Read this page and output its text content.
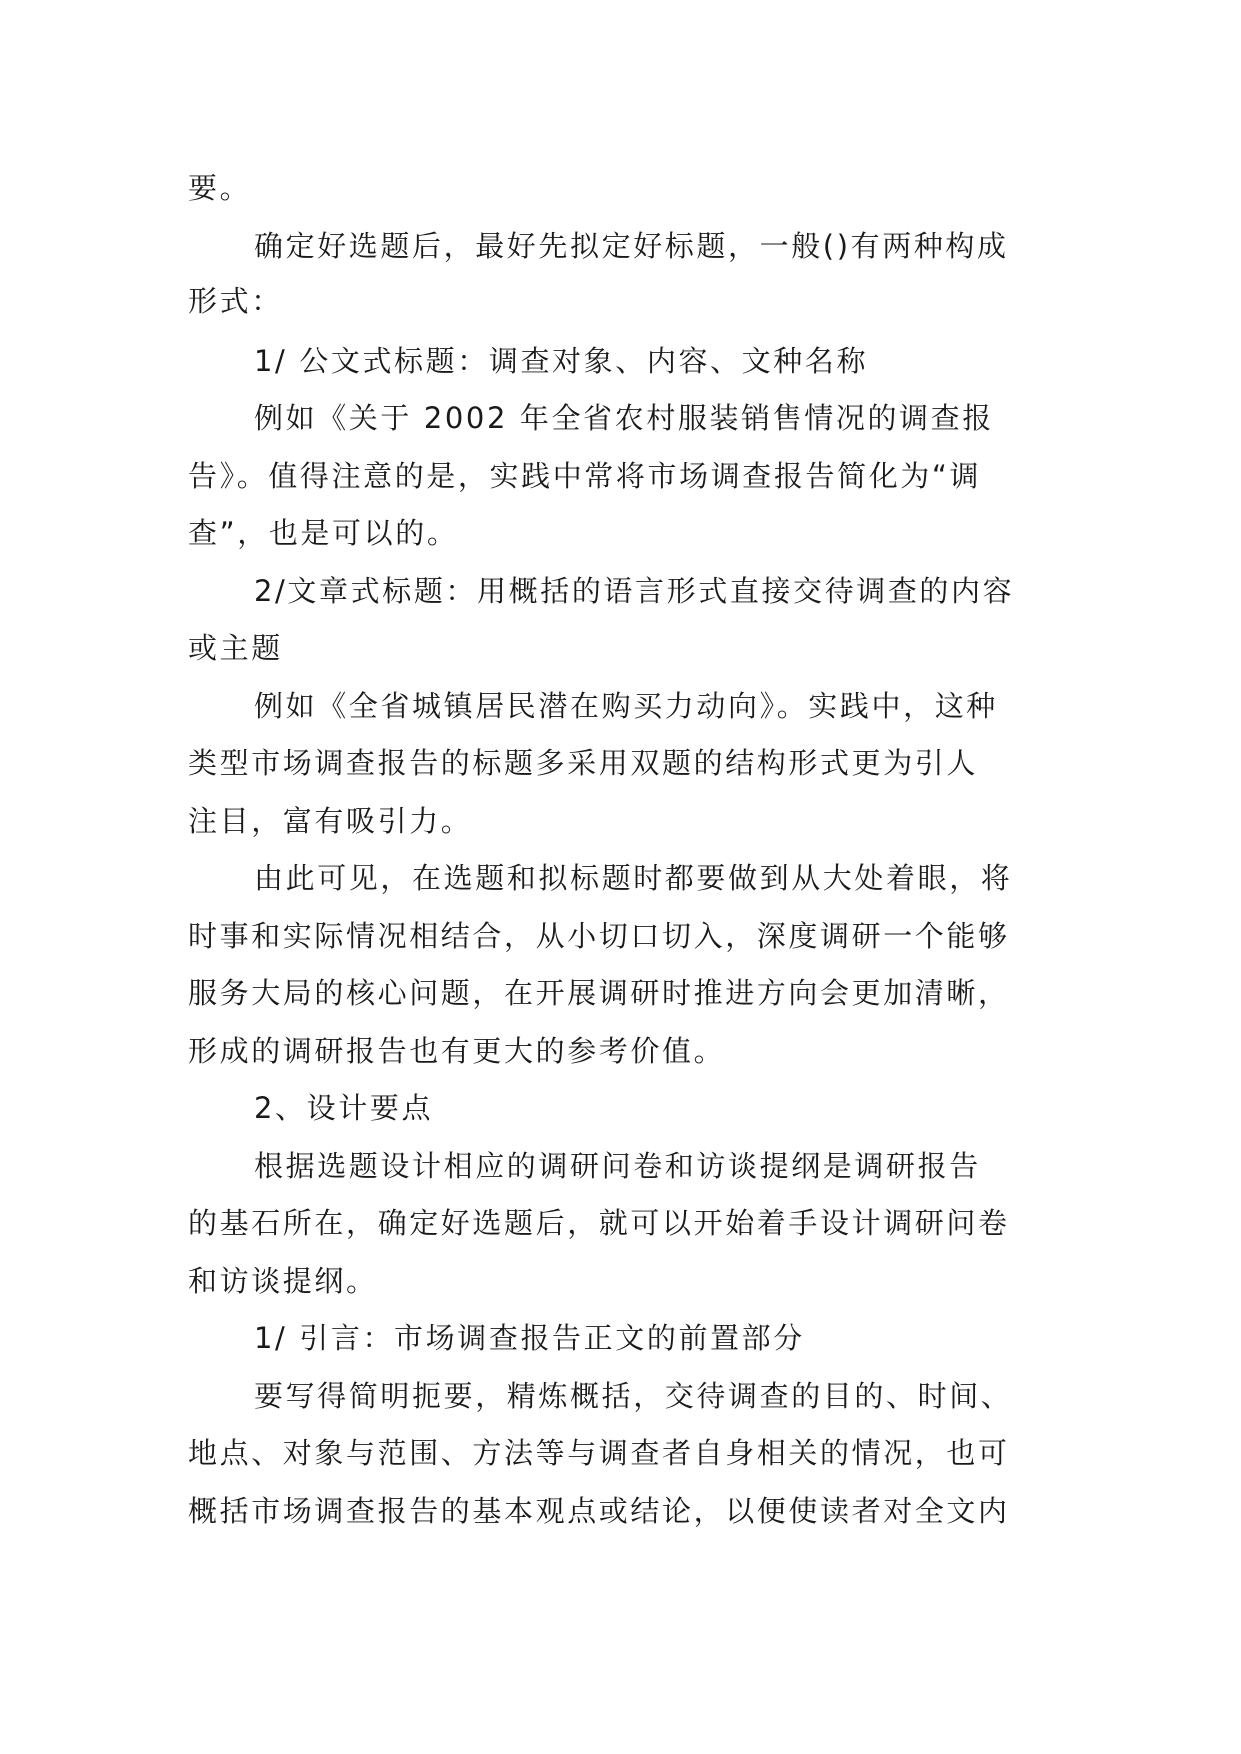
要。

确定好选题后，最好先拟定好标题，一般()有两种构成

形式：

1/ 公文式标题：调查对象、内容、文种名称

例如《关于 2002 年全省农村服装销售情况的调查报

告》。值得注意的是，实践中常将市场调查报告简化为“调

查”，也是可以的。

2/文章式标题：用概括的语言形式直接交待调查的内容

或主题

例如《全省城镇居民潜在购买力动向》。实践中，这种

类型市场调查报告的标题多采用双题的结构形式更为引人

注目，富有吸引力。

由此可见，在选题和拟标题时都要做到从大处着眼，将

时事和实际情况相结合，从小切口切入，深度调研一个能够

服务大局的核心问题，在开展调研时推进方向会更加清晰，

形成的调研报告也有更大的参考价值。

2、设计要点

根据选题设计相应的调研问卷和访谈提纲是调研报告

的基石所在，确定好选题后，就可以开始着手设计调研问卷

和访谈提纲。

1/ 引言：市场调查报告正文的前置部分

要写得简明扼要，精炼概括，交待调查的目的、时间、

地点、对象与范围、方法等与调查者自身相关的情况，也可

概括市场调查报告的基本观点或结论，以便使读者对全文内
